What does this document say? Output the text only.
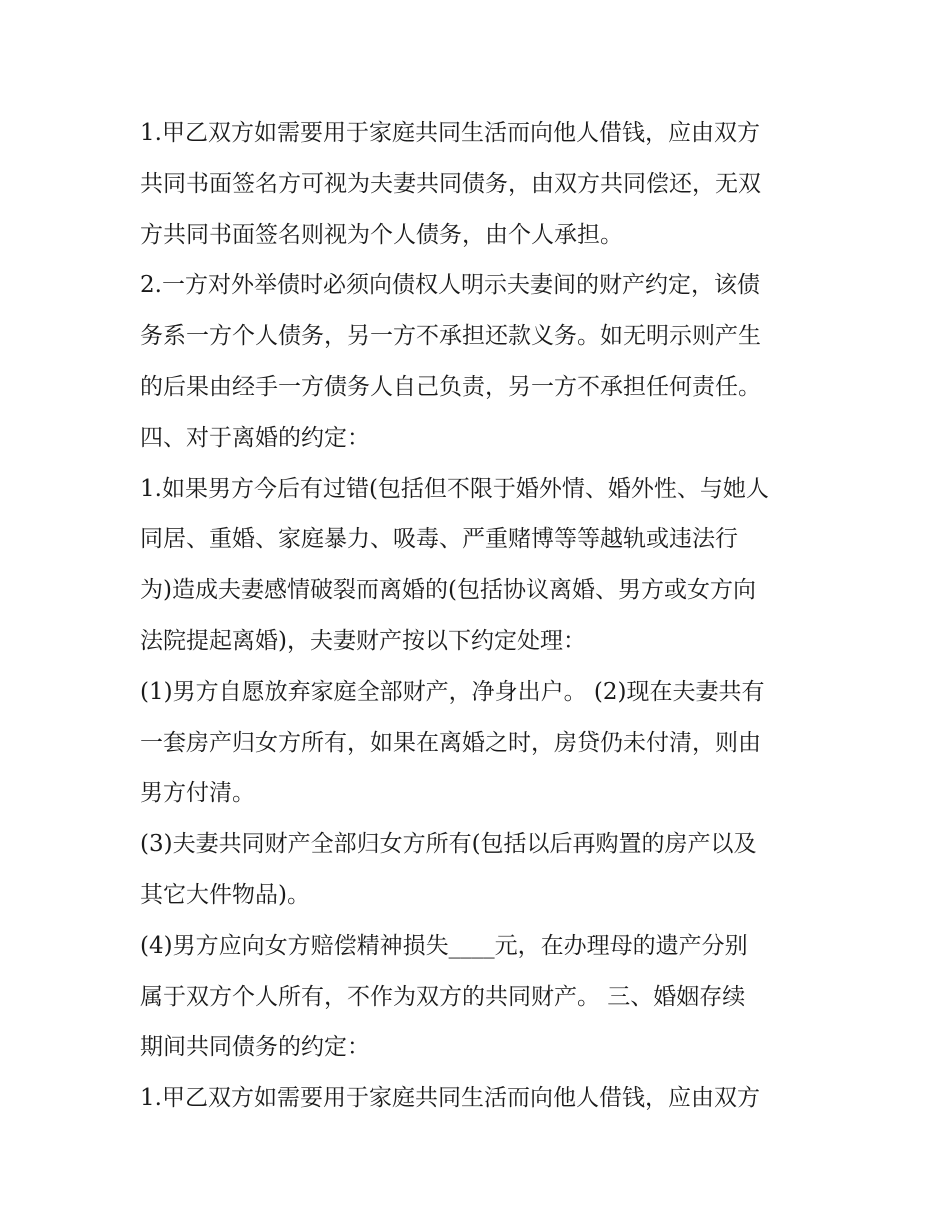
1.甲乙双方如需要用于家庭共同生活而向他人借钱，应由双方
共同书面签名方可视为夫妻共同债务，由双方共同偿还，无双
方共同书面签名则视为个人债务，由个人承担。
2.一方对外举债时必须向债权人明示夫妻间的财产约定，该债
务系一方个人债务，另一方不承担还款义务。如无明示则产生
的后果由经手一方债务人自己负责，另一方不承担任何责任。
四、对于离婚的约定：
1.如果男方今后有过错(包括但不限于婚外情、婚外性、与她人
同居、重婚、家庭暴力、吸毒、严重赌博等等越轨或违法行
为)造成夫妻感情破裂而离婚的(包括协议离婚、男方或女方向
法院提起离婚)，夫妻财产按以下约定处理：
(1)男方自愿放弃家庭全部财产，净身出户。 (2)现在夫妻共有
一套房产归女方所有，如果在离婚之时，房贷仍未付清，则由
男方付清。
(3)夫妻共同财产全部归女方所有(包括以后再购置的房产以及
其它大件物品)。
(4)男方应向女方赔偿精神损失____元，在办理母的遗产分别
属于双方个人所有，不作为双方的共同财产。 三、婚姻存续
期间共同债务的约定：
1.甲乙双方如需要用于家庭共同生活而向他人借钱，应由双方
